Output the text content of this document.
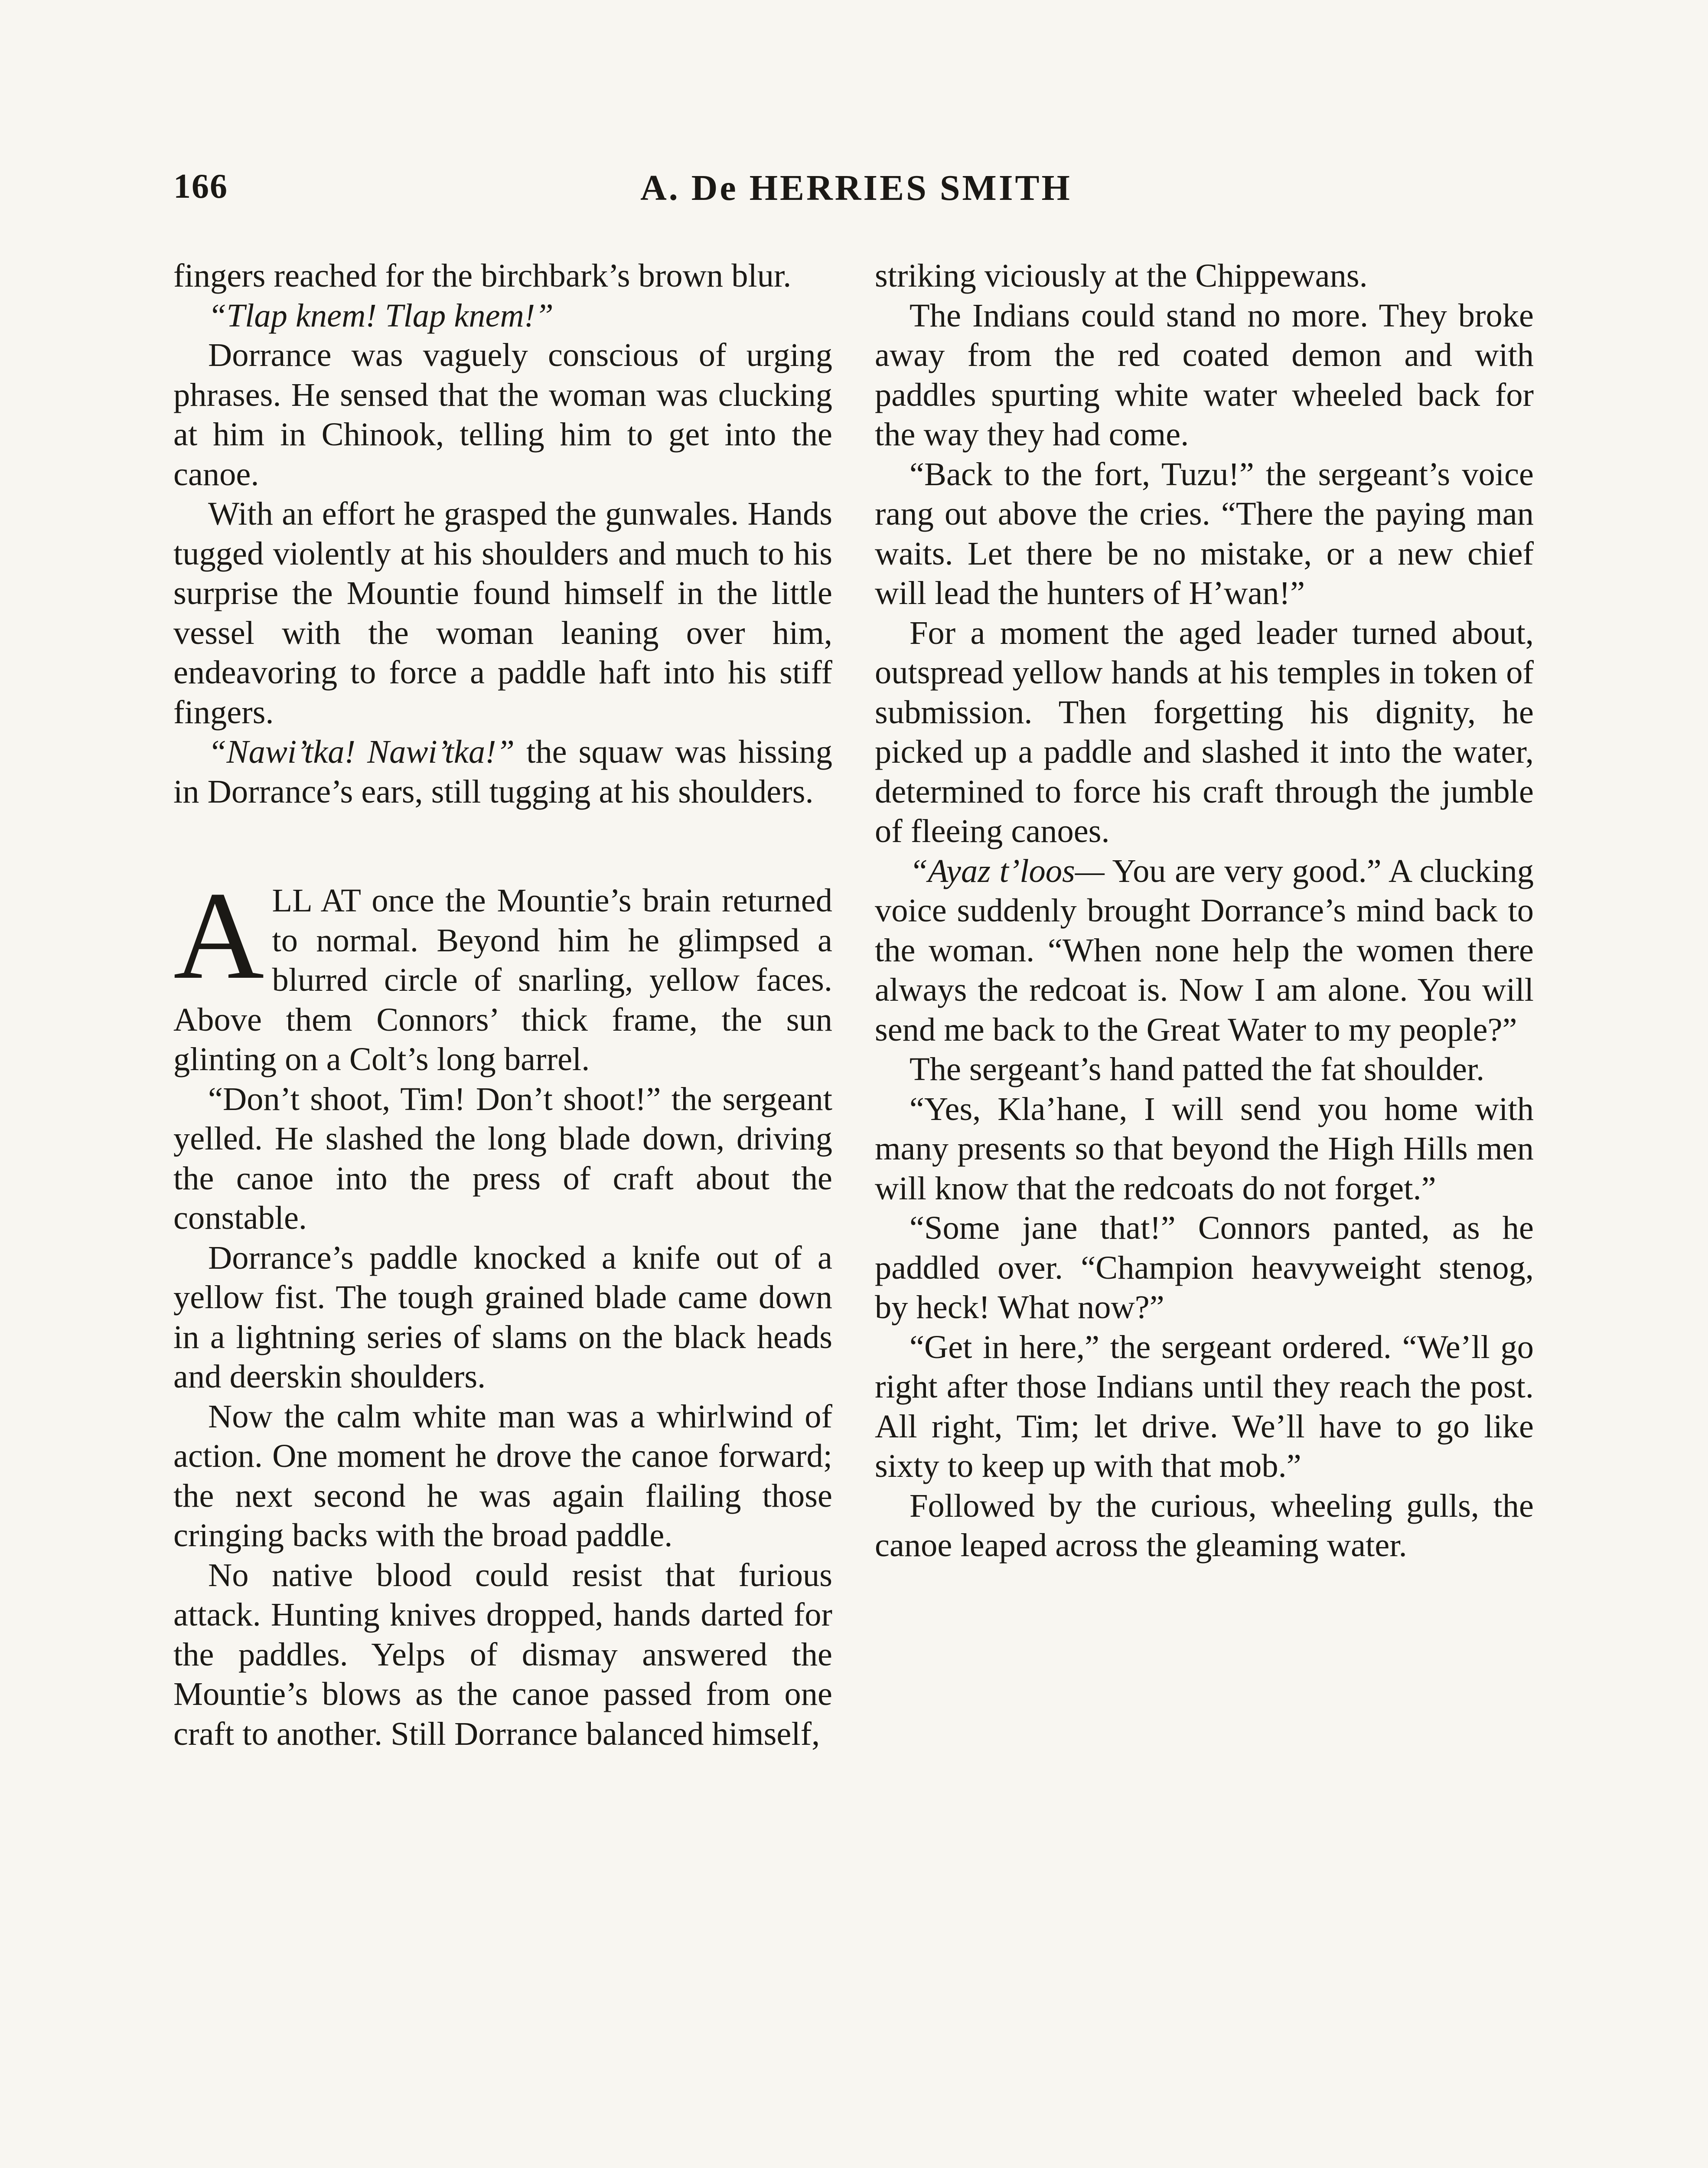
166	A. De HERRIES SMITH

fingers reached for the birchbark’s brown blur.

“Tlap knem! Tlap knem!”

Dorrance was vaguely conscious of urging phrases. He sensed that the woman was clucking at him in Chinook, telling him to get into the canoe.

With an effort he grasped the gunwales. Hands tugged violently at his shoulders and much to his surprise the Mountie found himself in the little vessel with the woman leaning over him, endeavoring to force a paddle haft into his stiff fingers.

“Nawi’tka! Nawi’tka!” the squaw was hissing in Dorrance’s ears, still tugging at his shoulders.

ALL AT once the Mountie’s brain returned to normal. Beyond him he glimpsed a blurred circle of snarling, yellow faces. Above them Connors’ thick frame, the sun glinting on a Colt’s long barrel.

“Don’t shoot, Tim! Don’t shoot!” the sergeant yelled. He slashed the long blade down, driving the canoe into the press of craft about the constable.

Dorrance’s paddle knocked a knife out of a yellow fist. The tough grained blade came down in a lightning series of slams on the black heads and deerskin shoulders.

Now the calm white man was a whirlwind of action. One moment he drove the canoe forward; the next second he was again flailing those cringing backs with the broad paddle.

No native blood could resist that furious attack. Hunting knives dropped, hands darted for the paddles. Yelps of dismay answered the Mountie’s blows as the canoe passed from one craft to another. Still Dorrance balanced himself,

striking viciously at the Chippewans.

The Indians could stand no more. They broke away from the red coated demon and with paddles spurting white water wheeled back for the way they had come.

“Back to the fort, Tuzu!” the sergeant’s voice rang out above the cries. “There the paying man waits. Let there be no mistake, or a new chief will lead the hunters of H’wan!”

For a moment the aged leader turned about, outspread yellow hands at his temples in token of submission. Then forgetting his dignity, he picked up a paddle and slashed it into the water, determined to force his craft through the jumble of fleeing canoes.

“Ayaz t’loos— You are very good.” A clucking voice suddenly brought Dorrance’s mind back to the woman. “When none help the women there always the redcoat is. Now I am alone. You will send me back to the Great Water to my people?”

The sergeant’s hand patted the fat shoulder.

“Yes, Kla’hane, I will send you home with many presents so that beyond the High Hills men will know that the redcoats do not forget.”

“Some jane that!” Connors panted, as he paddled over. “Champion heavyweight stenog, by heck! What now?”

“Get in here,” the sergeant ordered. “We’ll go right after those Indians until they reach the post. All right, Tim; let drive. We’ll have to go like sixty to keep up with that mob.”

Followed by the curious, wheeling gulls, the canoe leaped across the gleaming water.
